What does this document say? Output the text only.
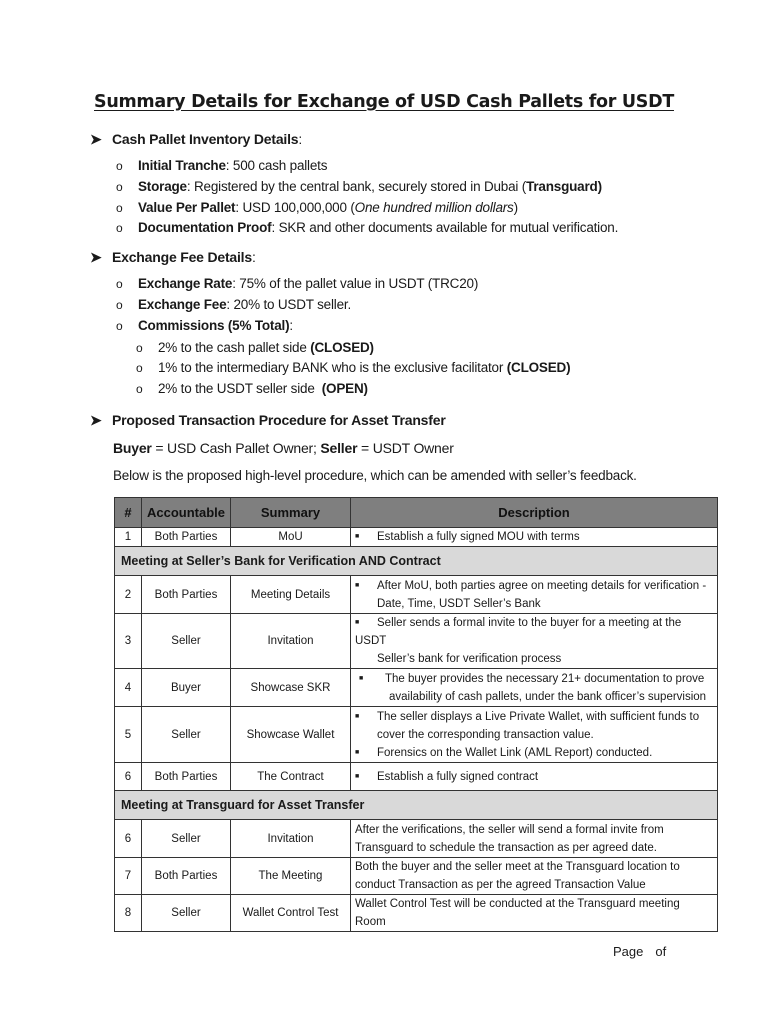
Summary Details for Exchange of USD Cash Pallets for USDT
➤ Cash Pallet Inventory Details:
o Initial Tranche: 500 cash pallets
o Storage: Registered by the central bank, securely stored in Dubai (Transguard)
o Value Per Pallet: USD 100,000,000 (One hundred million dollars)
o Documentation Proof: SKR and other documents available for mutual verification.
➤ Exchange Fee Details:
o Exchange Rate: 75% of the pallet value in USDT (TRC20)
o Exchange Fee: 20% to USDT seller.
o Commissions (5% Total):
o 2% to the cash pallet side (CLOSED)
o 1% to the intermediary BANK who is the exclusive facilitator (CLOSED)
o 2% to the USDT seller side  (OPEN)
➤ Proposed Transaction Procedure for Asset Transfer
Buyer = USD Cash Pallet Owner; Seller = USDT Owner
Below is the proposed high-level procedure, which can be amended with seller’s feedback.
#	Accountable	Summary	Description
1	Both Parties	MoU	■ Establish a fully signed MOU with terms
Meeting at Seller’s Bank for Verification AND Contract			
2	Both Parties	Meeting Details	■ After MoU, both parties agree on meeting details for verification -
Date, Time, USDT Seller’s Bank
3	Seller	Invitation	■ Seller sends a formal invite to the buyer for a meeting at the USDT
Seller’s bank for verification process
4	Buyer	Showcase SKR	■ The buyer provides the necessary 21+ documentation to prove
availability of cash pallets, under the bank officer’s supervision
5	Seller	Showcase Wallet	■ The seller displays a Live Private Wallet, with sufficient funds to
cover the corresponding transaction value.
■ Forensics on the Wallet Link (AML Report) conducted.
6	Both Parties	The Contract	■ Establish a fully signed contract
Meeting at Transguard for Asset Transfer			
6	Seller	Invitation	After the verifications, the seller will send a formal invite from
Transguard to schedule the transaction as per agreed date.
7	Both Parties	The Meeting	Both the buyer and the seller meet at the Transguard location to
conduct Transaction as per the agreed Transaction Value
8	Seller	Wallet Control Test	Wallet Control Test will be conducted at the Transguard meeting
Room
Page of
